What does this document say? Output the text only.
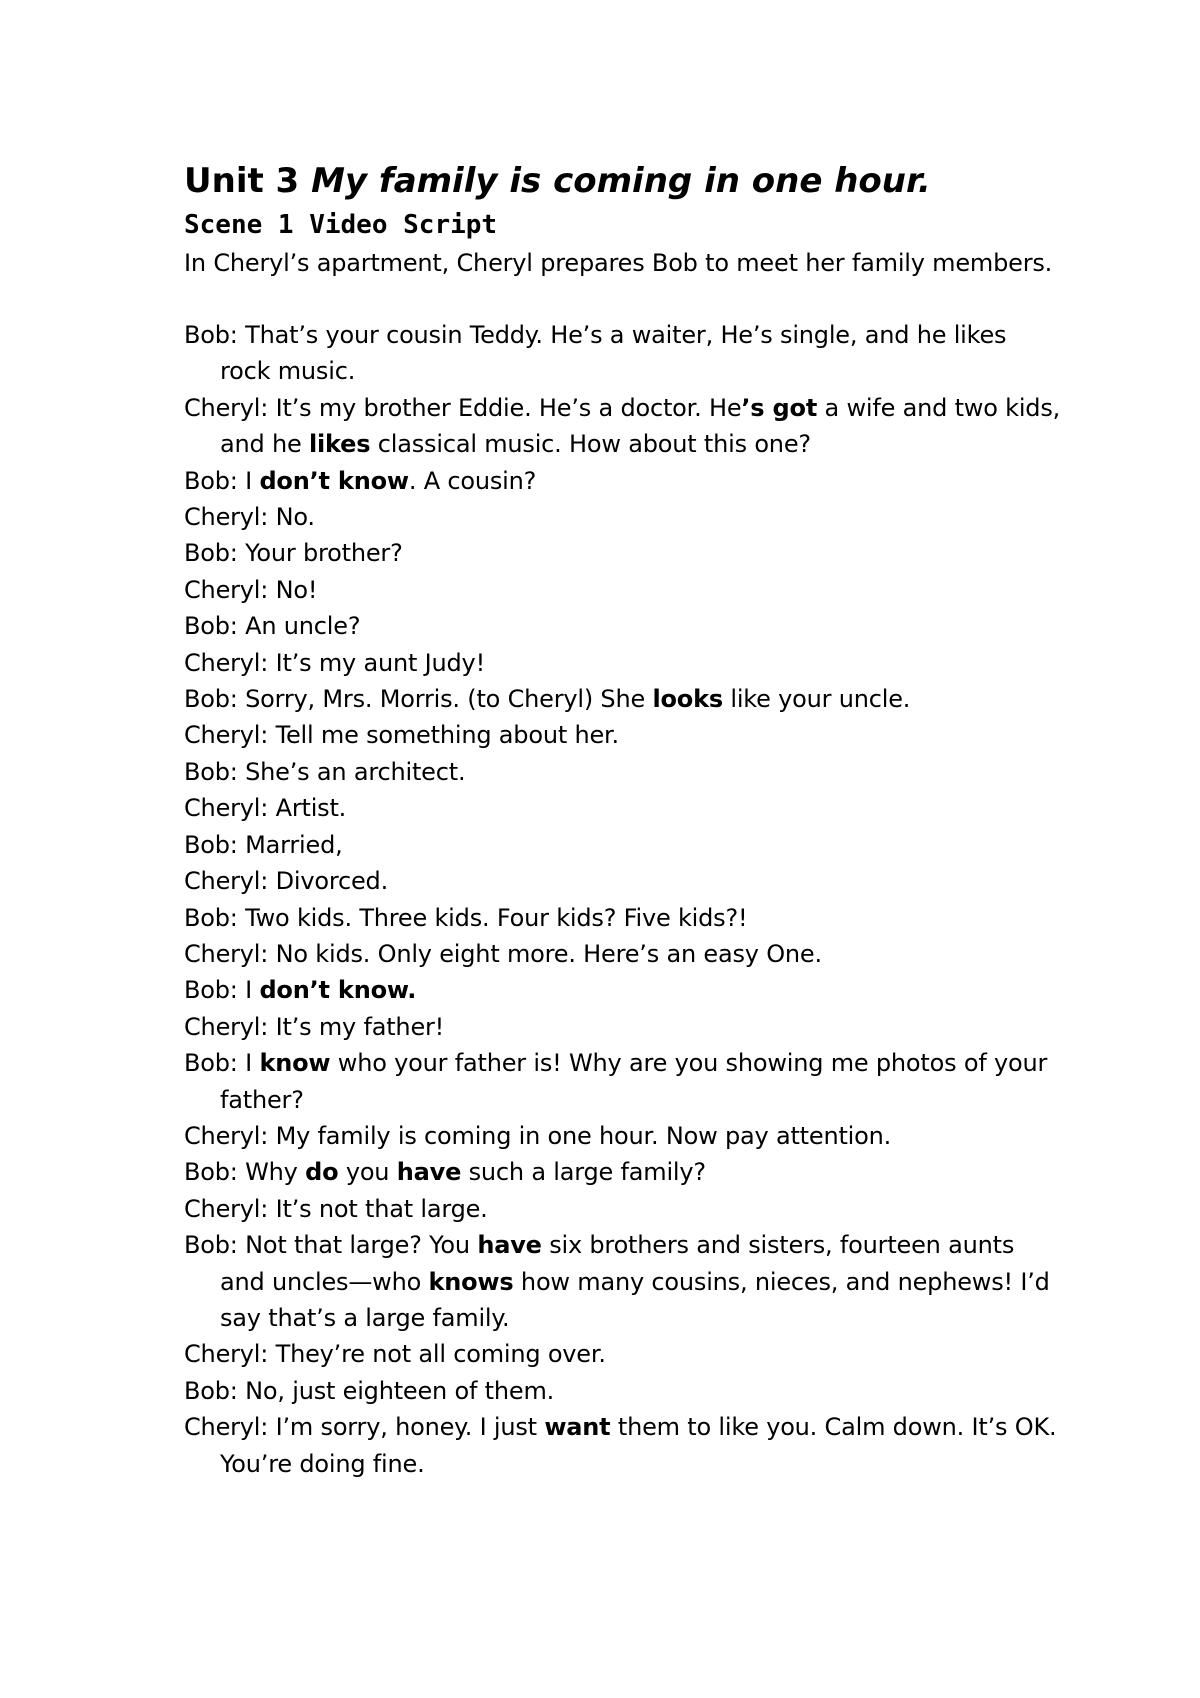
Unit 3 My family is coming in one hour.
Scene 1 Video Script

In Cheryl’s apartment, Cheryl prepares Bob to meet her family members.

Bob: That’s your cousin Teddy. He’s a waiter, He’s single, and he likes rock music.

Cheryl: It’s my brother Eddie. He’s a doctor. He’s got a wife and two kids, and he likes classical music. How about this one?

Bob: I don’t know. A cousin?

Cheryl: No.

Bob: Your brother?

Cheryl: No!

Bob: An uncle?

Cheryl: It’s my aunt Judy!

Bob: Sorry, Mrs. Morris. (to Cheryl) She looks like your uncle.

Cheryl: Tell me something about her.

Bob: She’s an architect.

Cheryl: Artist.

Bob: Married,

Cheryl: Divorced.

Bob: Two kids. Three kids. Four kids? Five kids?!

Cheryl: No kids. Only eight more. Here’s an easy One.

Bob: I don’t know.

Cheryl: It’s my father!

Bob: I know who your father is! Why are you showing me photos of your father?

Cheryl: My family is coming in one hour. Now pay attention.

Bob: Why do you have such a large family?

Cheryl: It’s not that large.

Bob: Not that large? You have six brothers and sisters, fourteen aunts and uncles—who knows how many cousins, nieces, and nephews! I’d say that’s a large family.

Cheryl: They’re not all coming over.

Bob: No, just eighteen of them.

Cheryl: I’m sorry, honey. I just want them to like you. Calm down. It’s OK. You’re doing fine.
